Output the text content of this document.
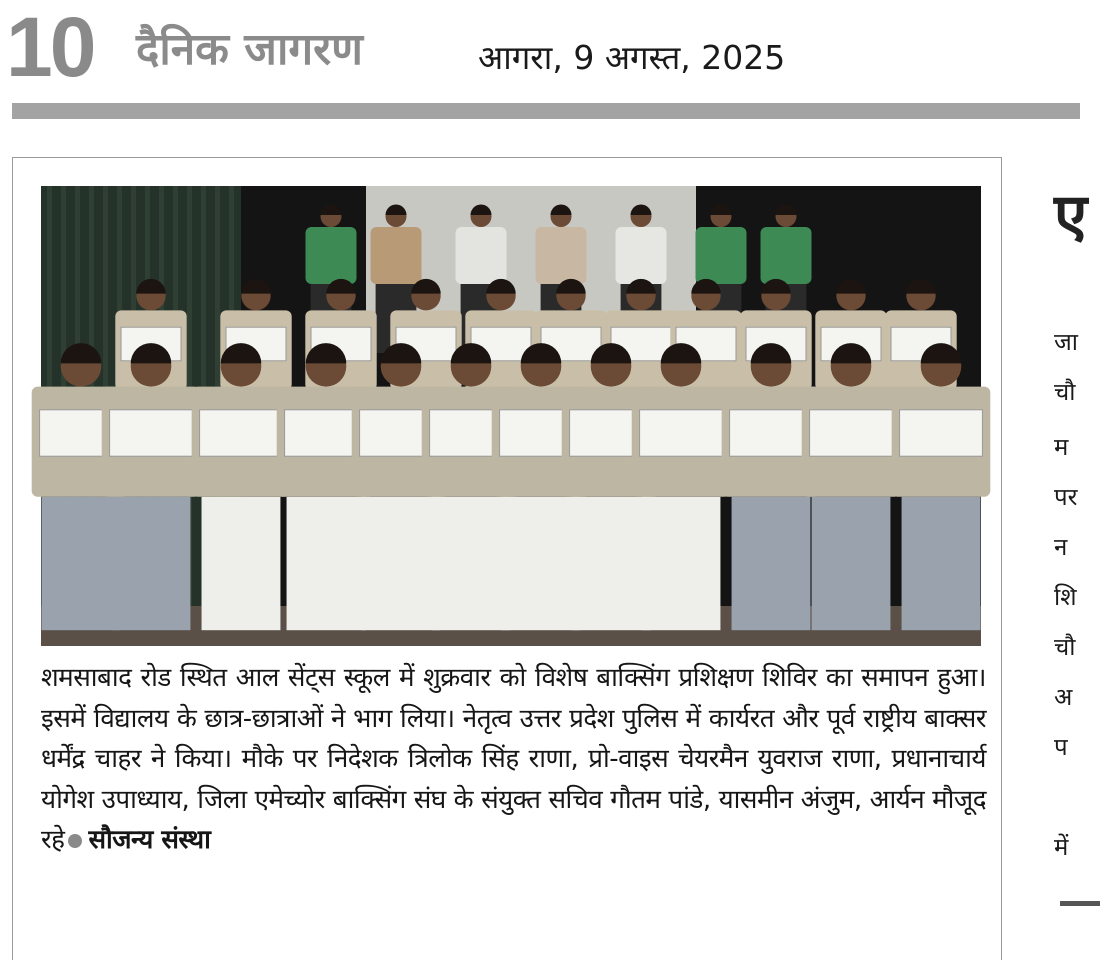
10 दैनिक जागरण	आगरा, 9 अगस्त, 2025
शमसाबाद रोड स्थित आल सेंट्स स्कूल में शुक्रवार को विशेष बाक्सिंग प्रशिक्षण शिविर का समापन हुआ। इसमें विद्यालय के छात्र-छात्राओं ने भाग लिया। नेतृत्व उत्तर प्रदेश पुलिस में कार्यरत और पूर्व राष्ट्रीय बाक्सर धर्मेंद्र चाहर ने किया। मौके पर निदेशक त्रिलोक सिंह राणा, प्रो-वाइस चेयरमैन युवराज राणा, प्रधानाचार्य योगेश उपाध्याय, जिला एमेच्योर बाक्सिंग संघ के संयुक्त सचिव गौतम पांडे, यासमीन अंजुम, आर्यन मौजूद रहे सौजन्य संस्था
ए
जा
चौ
म
पर
न
शि
चौ
अ
प
में
